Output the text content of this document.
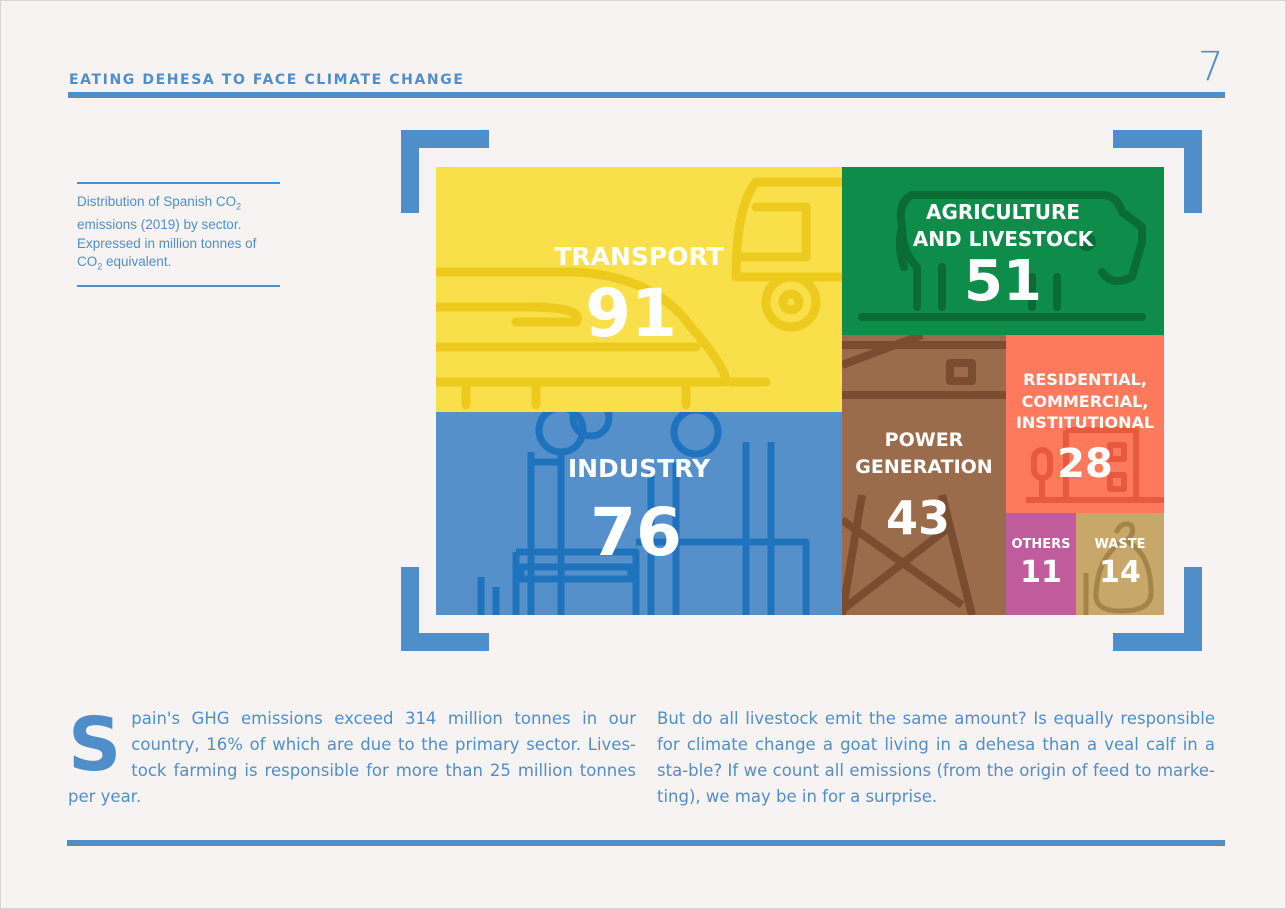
EATING DEHESA TO FACE CLIMATE CHANGE	7
Distribution of Spanish $CO_2$
emissions (2019) by sector.
Expressed in million tonnes of
$CO_2$ equivalent.	TRANSPORT
91
INDUSTRY
76
AGRICULTURE
AND LIVESTOCK
51
POWER
GENERATION
43
RESIDENTIAL,
COMMERCIAL,
INSTITUTIONAL
28
OTHERS
11
WASTE
14
Spain's GHG emissions exceed 314 million tonnes in our country, 16% of which are due to the primary sector. Lives-tock farming is responsible for more than 25 million tonnes per year.
But do all livestock emit the same amount? Is equally responsible for climate change a goat living in a dehesa than a veal calf in a sta-ble? If we count all emissions (from the origin of feed to marke-ting), we may be in for a surprise.
